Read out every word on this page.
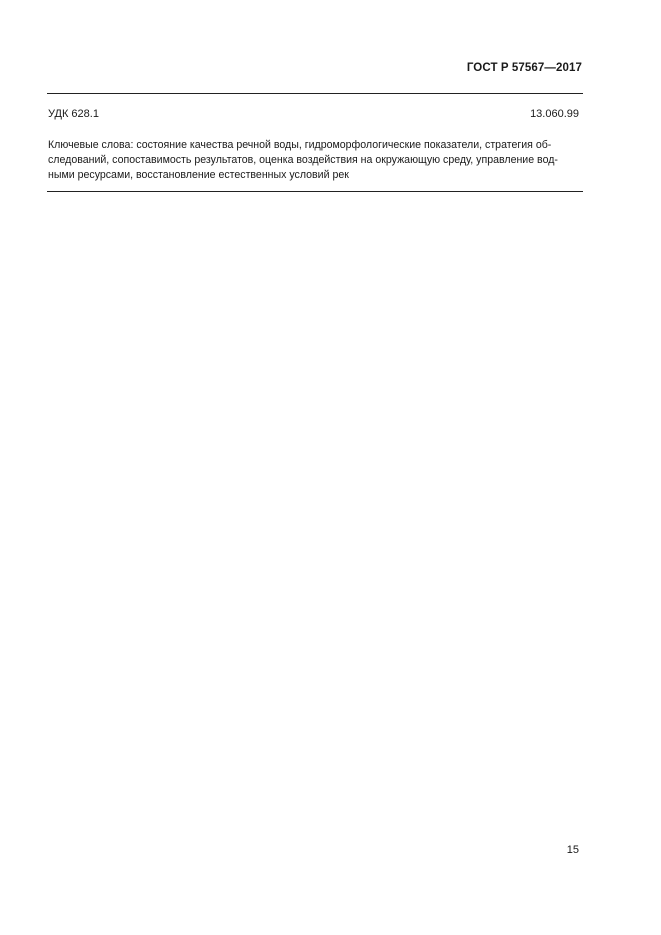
ГОСТ Р 57567—2017
УДК 628.1	13.060.99
Ключевые слова: состояние качества речной воды, гидроморфологические показатели, стратегия об-
следований, сопоставимость результатов, оценка воздействия на окружающую среду, управление вод-
ными ресурсами, восстановление естественных условий рек
15
